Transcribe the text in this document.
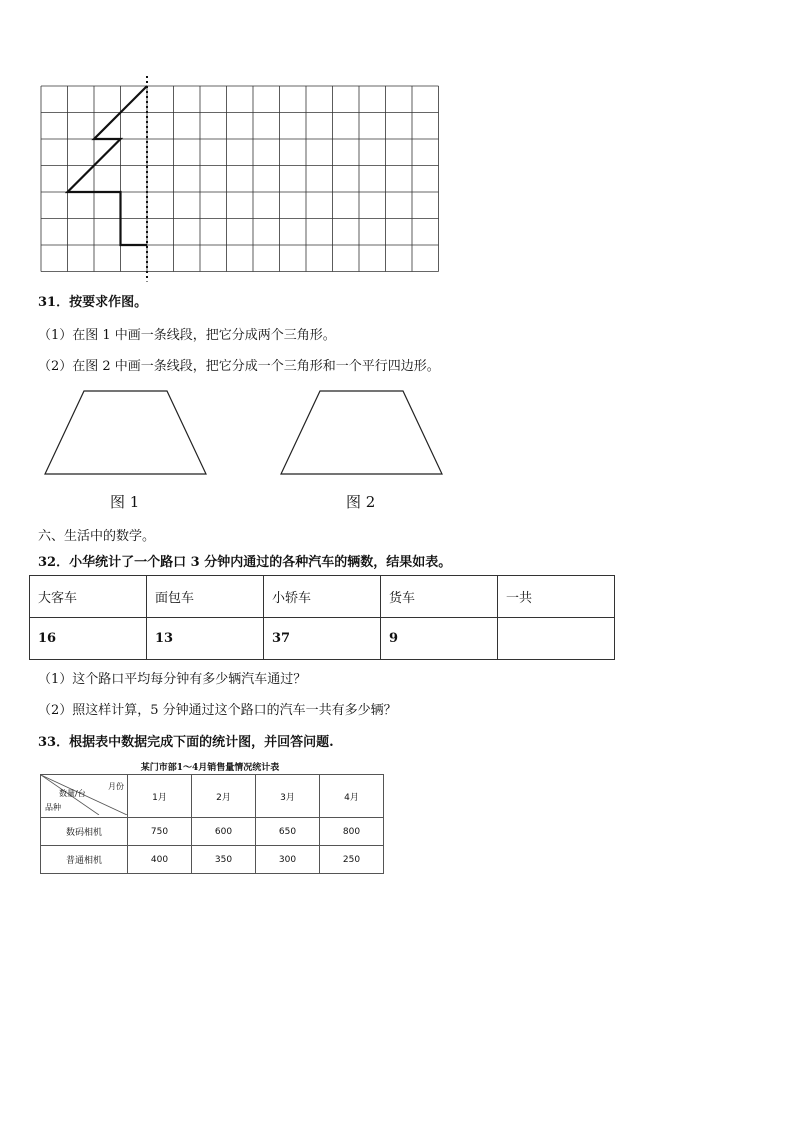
31．按要求作图。
（1）在图 1 中画一条线段，把它分成两个三角形。
（2）在图 2 中画一条线段，把它分成一个三角形和一个平行四边形。
图 1	图 2
六、生活中的数学。
32．小华统计了一个路口 3 分钟内通过的各种汽车的辆数，结果如表。
大客车	面包车	小轿车	货车	一共
16	13	37	9	
（1）这个路口平均每分钟有多少辆汽车通过？
（2）照这样计算，5 分钟通过这个路口的汽车一共有多少辆？
33．根据表中数据完成下面的统计图，并回答问题.
某门市部1～4月销售量情况统计表
月份
数量/台
品种	1月	2月	3月	4月
数码相机	750	600	650	800
普通相机	400	350	300	250
